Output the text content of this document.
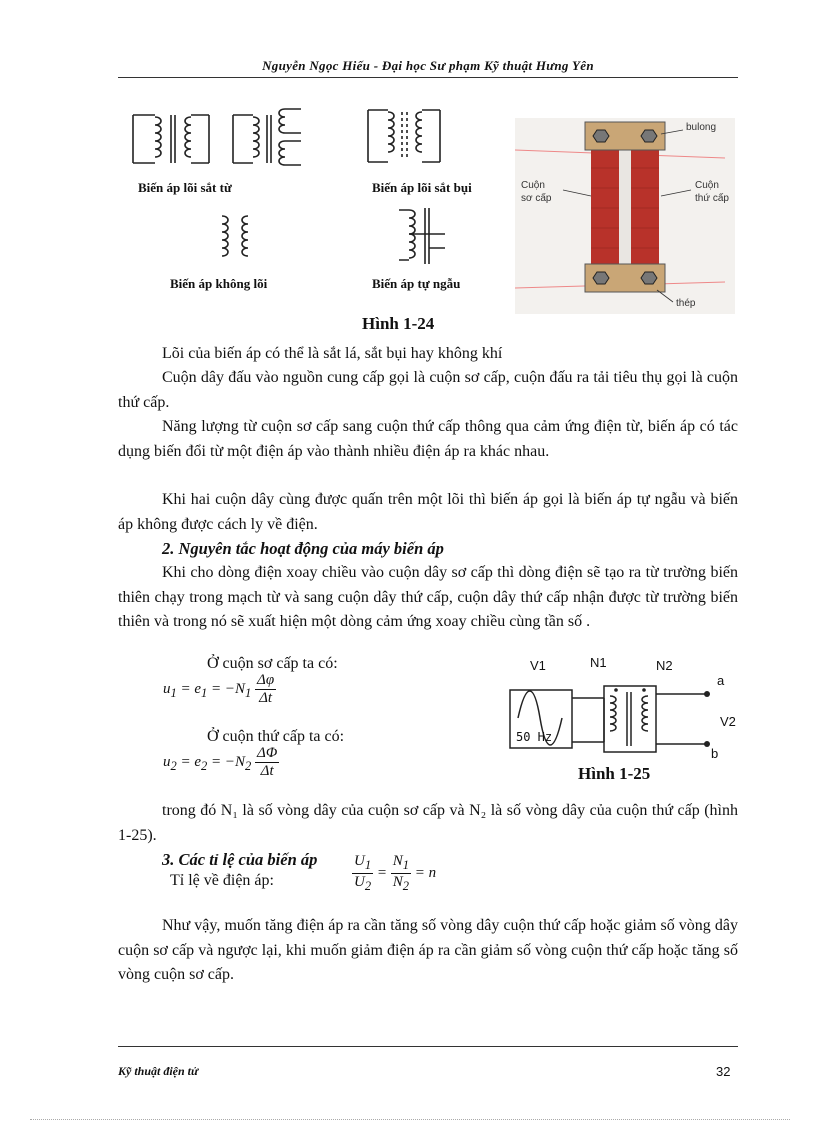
Nguyễn Ngọc Hiếu - Đại học Sư phạm Kỹ thuật Hưng Yên
Biến áp lõi sắt từ	Biến áp lõi sắt bụi
Biến áp không lõi	Biến áp tự ngẫu
bulong
Cuộn
sơ cấp
Cuộn
thứ cấp
thép
Hình 1-24
Lõi của biến áp có thể là sắt lá, sắt bụi hay không khí
Cuộn dây đấu vào nguồn cung cấp gọi là cuộn sơ cấp, cuộn đấu ra tải tiêu thụ gọi là cuộn thứ cấp.
Năng lượng từ cuộn sơ cấp sang cuộn thứ cấp thông qua cảm ứng điện từ, biến áp có tác dụng biến đổi từ một điện áp vào thành nhiều điện áp ra khác nhau.
Khi hai cuộn dây cùng được quấn trên một lõi thì biến áp gọi là biến áp tự ngẫu và biến áp không được cách ly về điện.
2. Nguyên tắc hoạt động của máy biến áp
Khi cho dòng điện xoay chiều vào cuộn dây sơ cấp thì dòng điện sẽ tạo ra từ trường biến thiên chạy trong mạch từ và sang cuộn dây thứ cấp, cuộn dây thứ cấp nhận được từ trường biến thiên và trong nó sẽ xuất hiện một dòng cảm ứng xoay chiều cùng tần số .
Ở cuộn sơ cấp ta có:
$u_1 = e_1 = -N_1 \frac{\Delta\varphi}{\Delta t}$
Ở cuộn thứ cấp ta có:
$u_2 = e_2 = -N_2 \frac{\Delta\Phi}{\Delta t}$
V1	N1	N2
a
V2
b
50 Hz
Hình 1-25
trong đó N₁ là số vòng dây của cuộn sơ cấp và N₂ là số vòng dây của cuộn thứ cấp (hình 1-25).
3. Các tỉ lệ của biến áp
Tỉ lệ về điện áp:	$\frac{U_1}{U_2} = \frac{N_1}{N_2} = n$
Như vậy, muốn tăng điện áp ra cần tăng số vòng dây cuộn thứ cấp hoặc giảm số vòng dây cuộn sơ cấp và ngược lại, khi muốn giảm điện áp ra cần giảm số vòng cuộn thứ cấp hoặc tăng số vòng cuộn sơ cấp.
Kỹ thuật điện tử	32
